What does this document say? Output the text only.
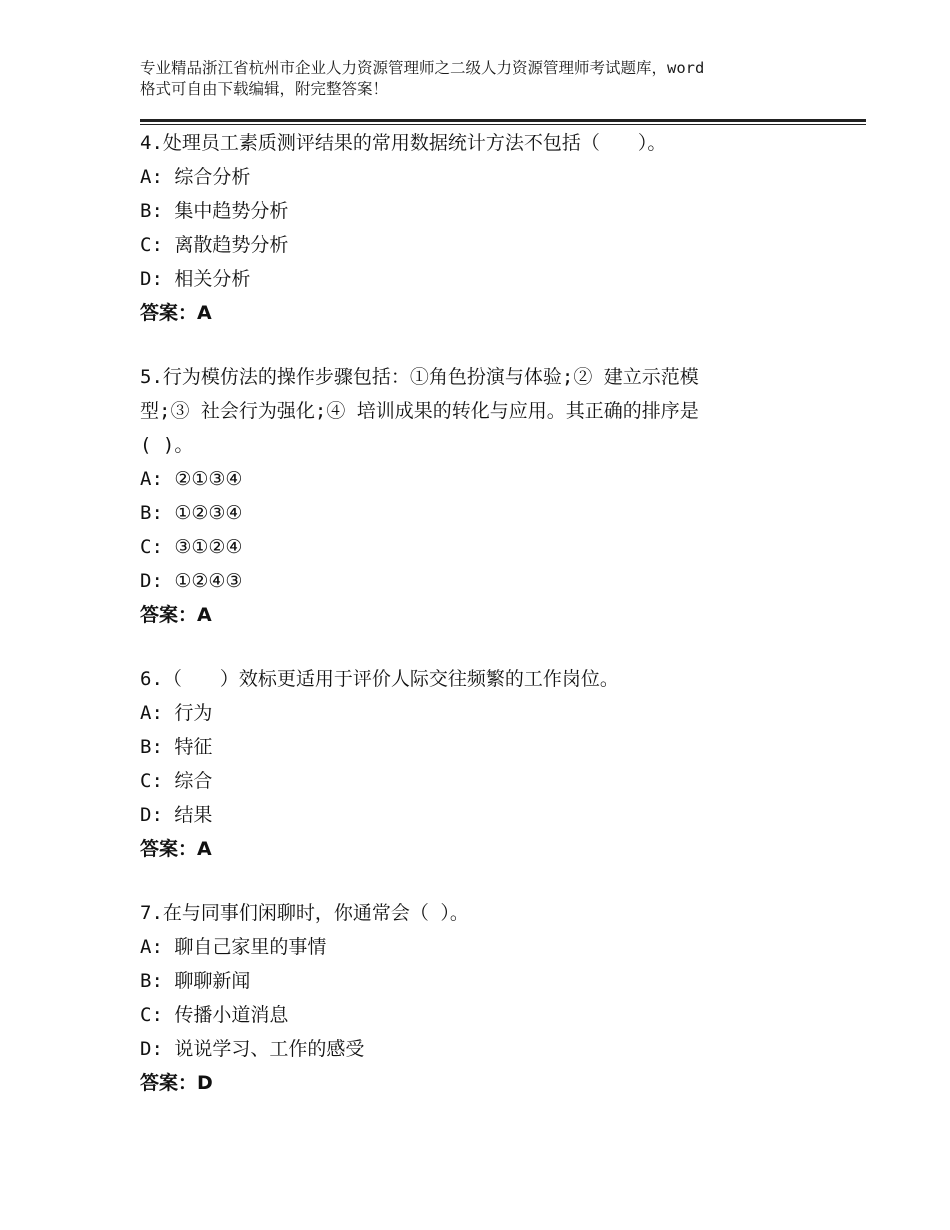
专业精品浙江省杭州市企业人力资源管理师之二级人力资源管理师考试题库，word
格式可自由下载编辑，附完整答案！
4.处理员工素质测评结果的常用数据统计方法不包括（　　）。
A: 综合分析
B: 集中趋势分析
C: 离散趋势分析
D: 相关分析
答案：A
5.行为模仿法的操作步骤包括：①角色扮演与体验;② 建立示范模
型;③ 社会行为强化;④ 培训成果的转化与应用。其正确的排序是
( )。
A: ②①③④
B: ①②③④
C: ③①②④
D: ①②④③
答案：A
6.（　　）效标更适用于评价人际交往频繁的工作岗位。
A: 行为
B: 特征
C: 综合
D: 结果
答案：A
7.在与同事们闲聊时，你通常会（ ）。
A: 聊自己家里的事情
B: 聊聊新闻
C: 传播小道消息
D: 说说学习、工作的感受
答案：D
